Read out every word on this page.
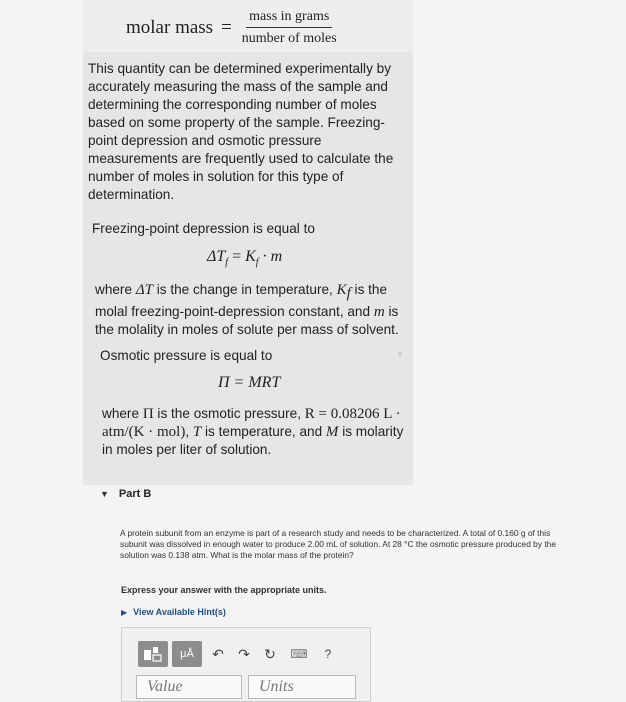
molar mass = $\frac{\text{mass in grams}}{\text{number of moles}}$
This quantity can be determined experimentally by accurately measuring the mass of the sample and determining the corresponding number of moles based on some property of the sample. Freezing-point depression and osmotic pressure measurements are frequently used to calculate the number of moles in solution for this type of determination.
Freezing-point depression is equal to
$\Delta T_f = K_f \cdot m$
where ΔT is the change in temperature, $K_f$ is the molal freezing-point-depression constant, and m is the molality in moles of solute per mass of solvent.
Osmotic pressure is equal to
Π = MRT
where Π is the osmotic pressure, R = 0.08206 L · atm/(K · mol), T is temperature, and M is molarity in moles per liter of solution.
▼ Part B
A protein subunit from an enzyme is part of a research study and needs to be characterized. A total of 0.160 g of this subunit was dissolved in enough water to produce 2.00 mL of solution. At 28 °C the osmotic pressure produced by the solution was 0.138 atm. What is the molar mass of the protein?
Express your answer with the appropriate units.
▶ View Available Hint(s)
μÅ ↶ ↷ ↻ ⌨ ?
Value
Units
